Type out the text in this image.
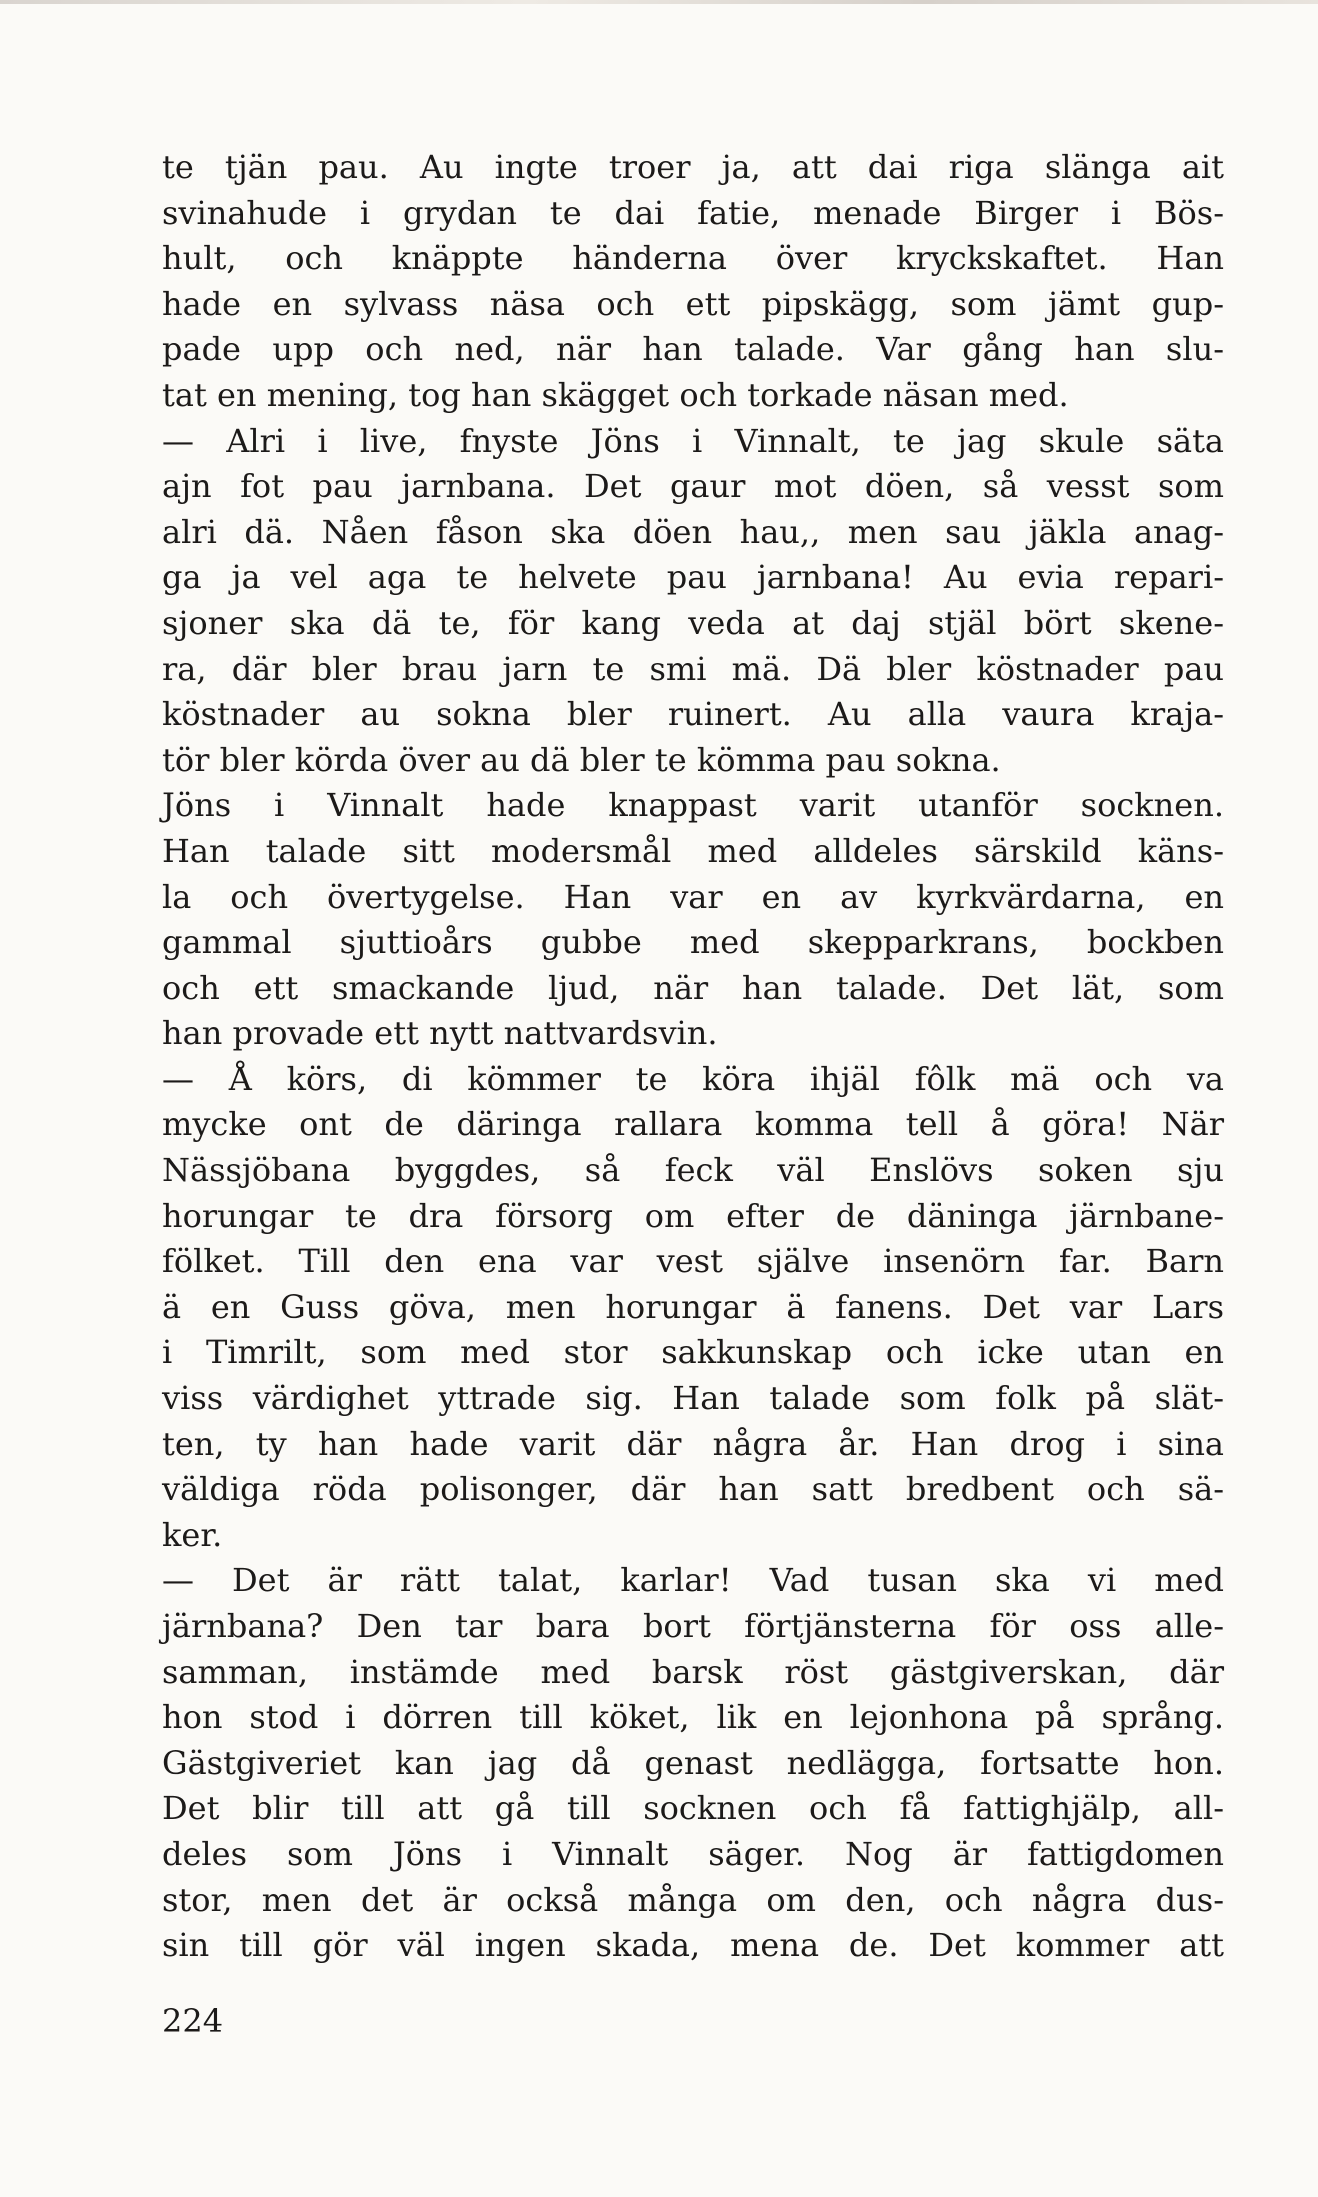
te tjän pau. Au ingte troer ja, att dai riga slänga ait
svinahude i grydan te dai fatie, menade Birger i Bös-
hult, och knäppte händerna över kryckskaftet. Han
hade en sylvass näsa och ett pipskägg, som jämt gup-
pade upp och ned, när han talade. Var gång han slu-
tat en mening, tog han skägget och torkade näsan med.
— Alri i live, fnyste Jöns i Vinnalt, te jag skule säta
ajn fot pau jarnbana. Det gaur mot döen, så vesst som
alri dä. Nåen fåson ska döen hau,, men sau jäkla anag-
ga ja vel aga te helvete pau jarnbana! Au evia repari-
sjoner ska dä te, för kang veda at daj stjäl bört skene-
ra, där bler brau jarn te smi mä. Dä bler köstnader pau
köstnader au sokna bler ruinert. Au alla vaura kraja-
tör bler körda över au dä bler te kömma pau sokna.
Jöns i Vinnalt hade knappast varit utanför socknen.
Han talade sitt modersmål med alldeles särskild käns-
la och övertygelse. Han var en av kyrkvärdarna, en
gammal sjuttioårs gubbe med skepparkrans, bockben
och ett smackande ljud, när han talade. Det lät, som
han provade ett nytt nattvardsvin.
— Å körs, di kömmer te köra ihjäl fôlk mä och va
mycke ont de däringa rallara komma tell å göra! När
Nässjöbana byggdes, så feck väl Enslövs soken sju
horungar te dra försorg om efter de däninga järnbane-
fölket. Till den ena var vest själve insenörn far. Barn
ä en Guss göva, men horungar ä fanens. Det var Lars
i Timrilt, som med stor sakkunskap och icke utan en
viss värdighet yttrade sig. Han talade som folk på slät-
ten, ty han hade varit där några år. Han drog i sina
väldiga röda polisonger, där han satt bredbent och sä-
ker.
— Det är rätt talat, karlar! Vad tusan ska vi med
järnbana? Den tar bara bort förtjänsterna för oss alle-
samman, instämde med barsk röst gästgiverskan, där
hon stod i dörren till köket, lik en lejonhona på språng.
Gästgiveriet kan jag då genast nedlägga, fortsatte hon.
Det blir till att gå till socknen och få fattighjälp, all-
deles som Jöns i Vinnalt säger. Nog är fattigdomen
stor, men det är också många om den, och några dus-
sin till gör väl ingen skada, mena de. Det kommer att
224
